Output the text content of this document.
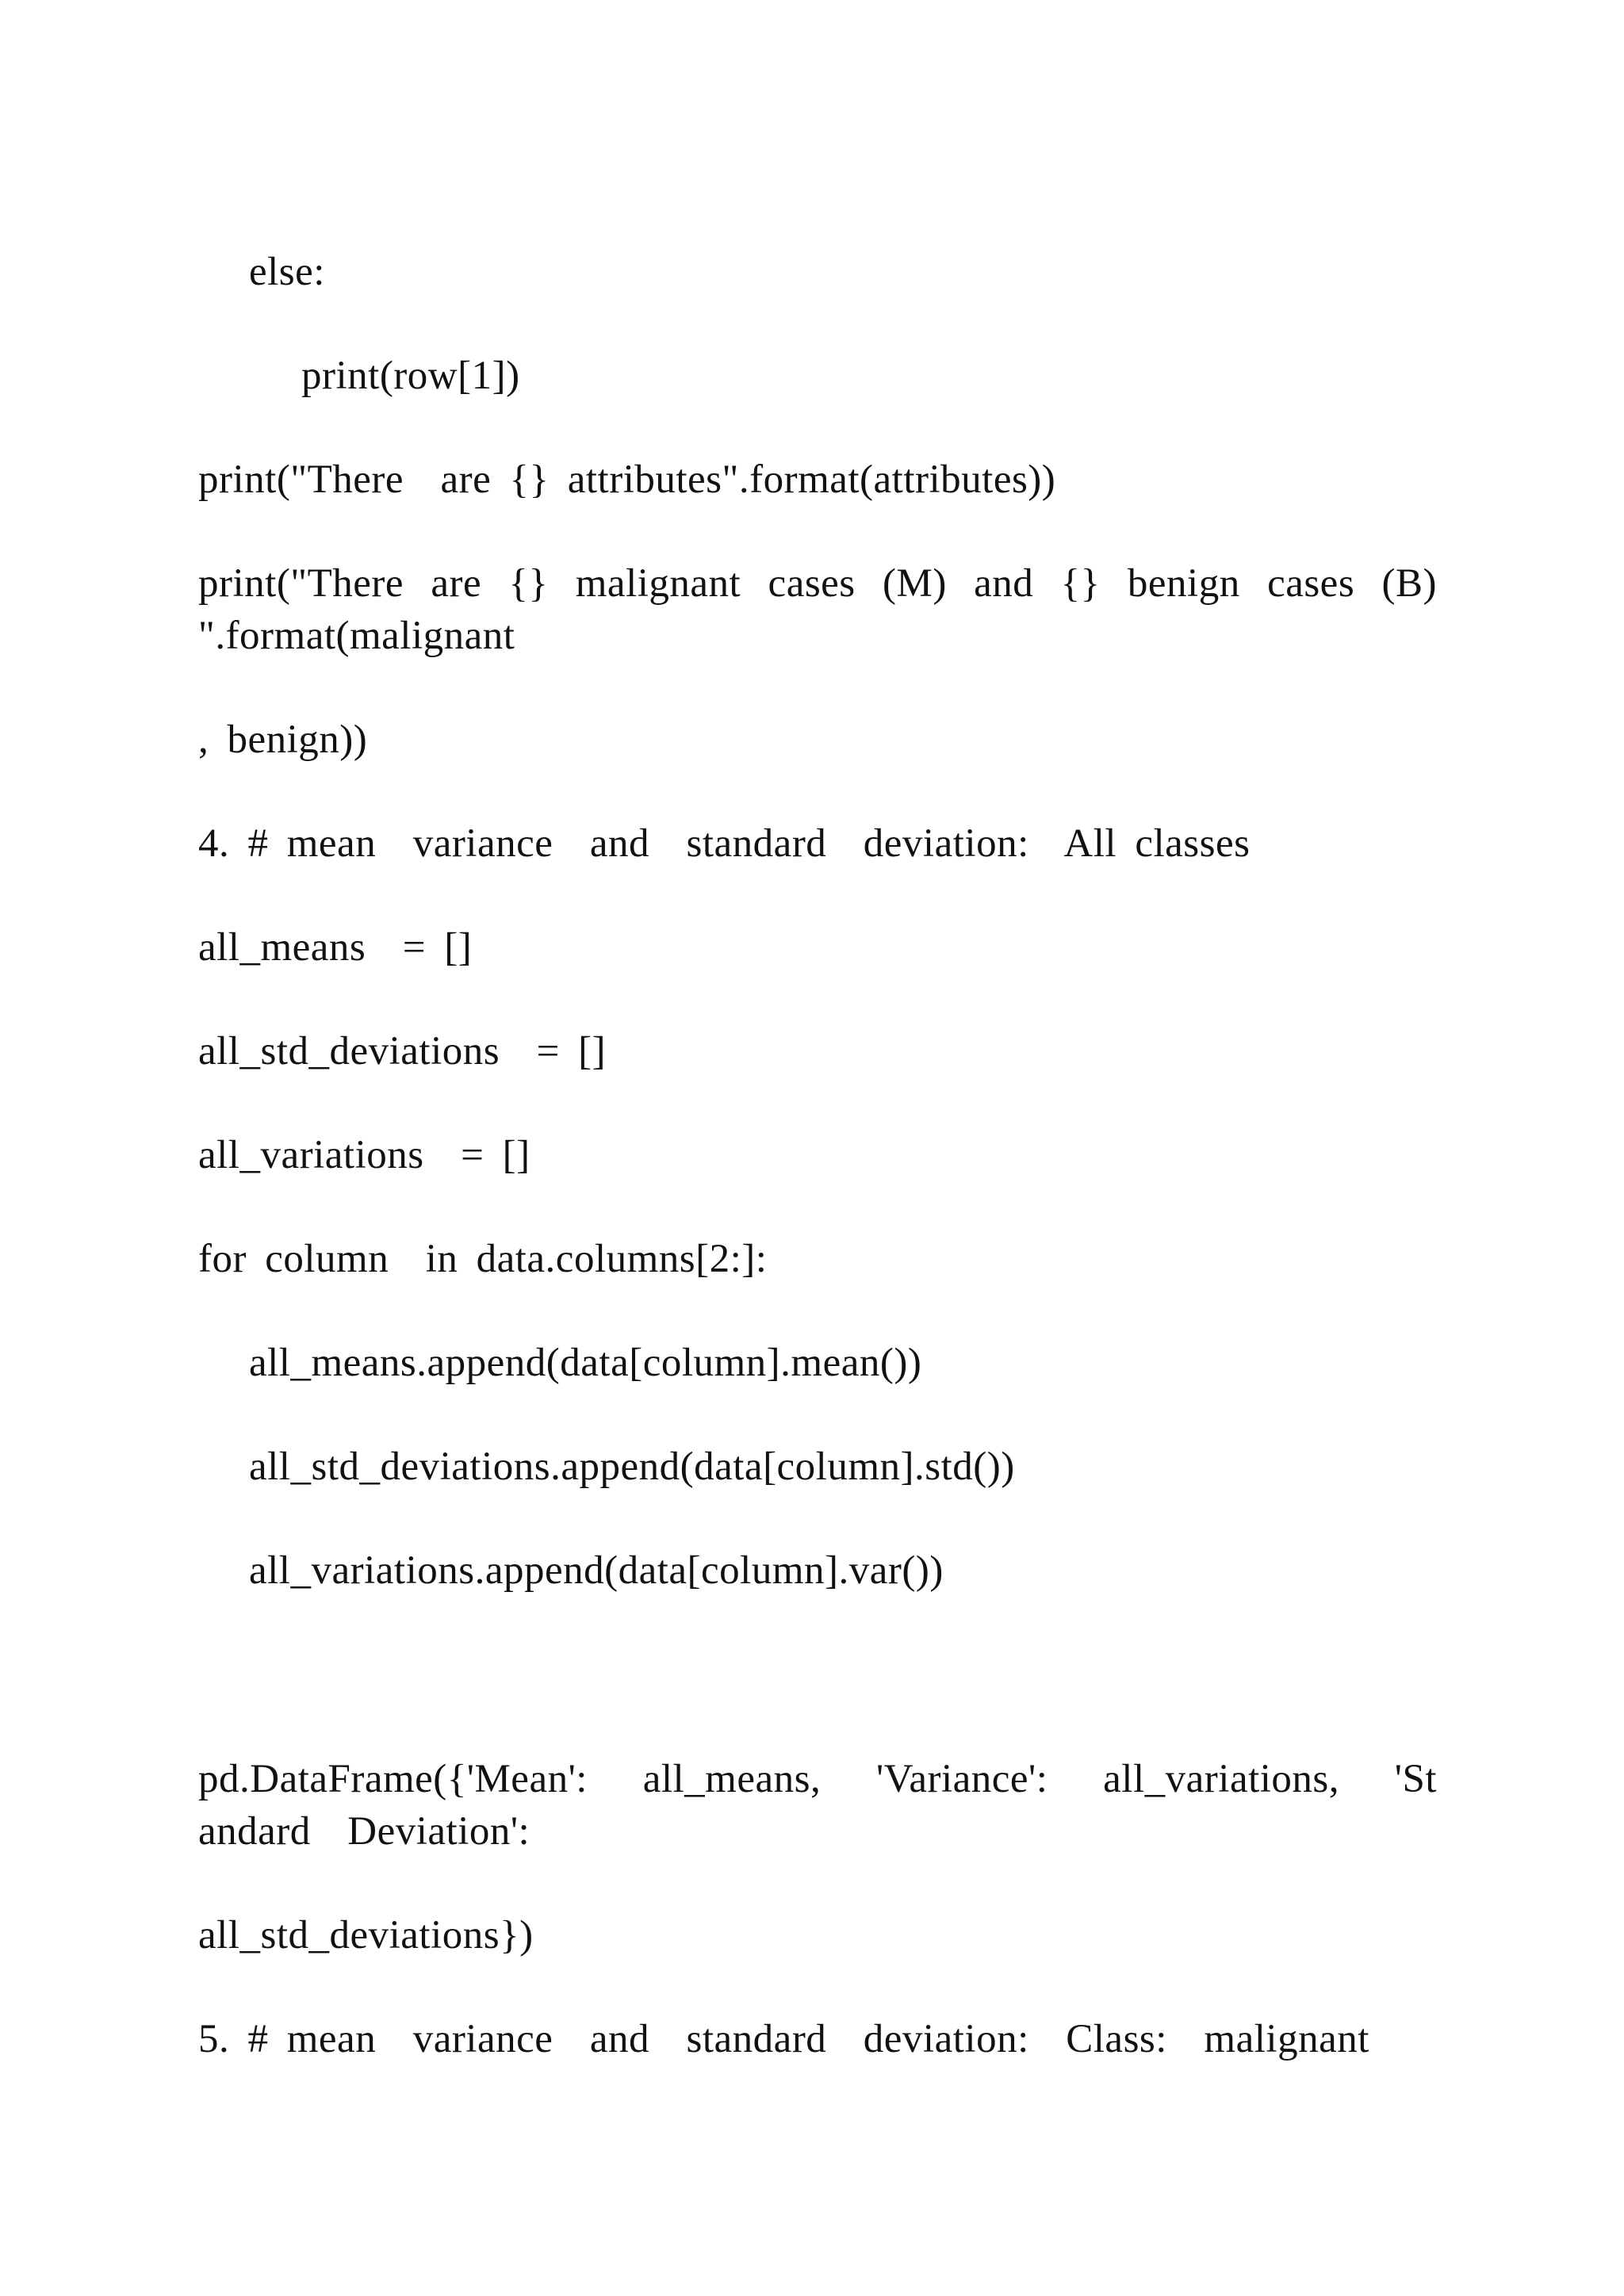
else:
print(row[1])
print("There  are {} attributes".format(attributes))
print("There are {} malignant cases (M) and {} benign cases (B)
".format(malignant
, benign))
4. # mean  variance  and  standard  deviation:  All classes
all_means  = []
all_std_deviations  = []
all_variations  = []
for column  in data.columns[2:]:
all_means.append(data[column].mean())
all_std_deviations.append(data[column].std())
all_variations.append(data[column].var())
pd.DataFrame({'Mean': all_means, 'Variance': all_variations, 'St
andard  Deviation':
all_std_deviations})
5. # mean  variance  and  standard  deviation:  Class:  malignant
